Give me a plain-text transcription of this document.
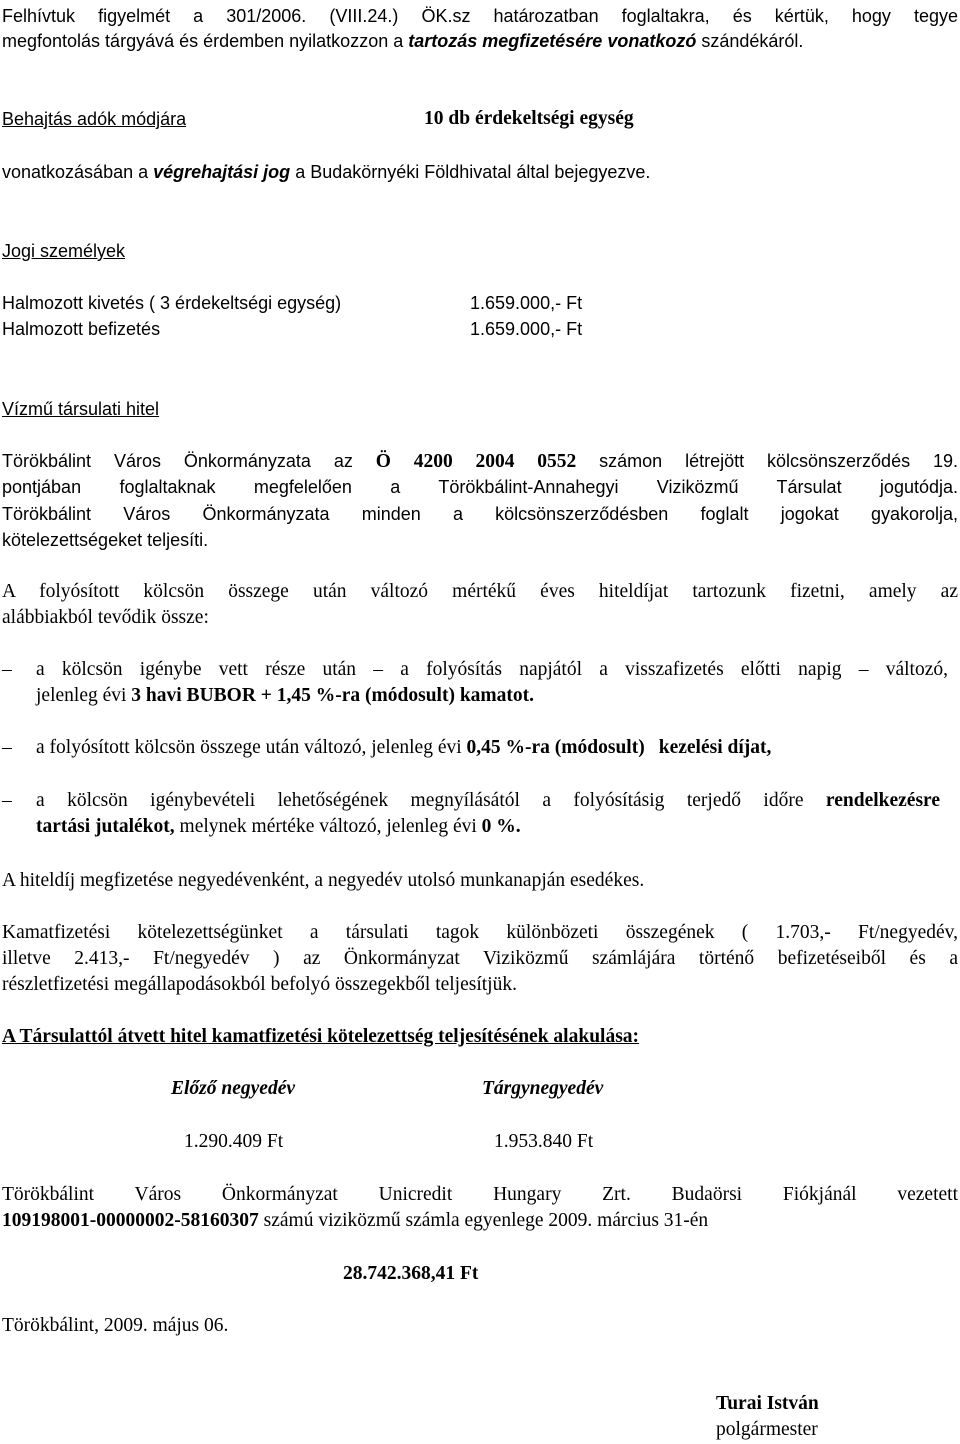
Felhívtuk figyelmét a 301/2006. (VIII.24.) ÖK.sz határozatban foglaltakra, és kértük, hogy tegye
megfontolás tárgyává és érdemben nyilatkozzon a tartozás megfizetésére vonatkozó szándékáról.
Behajtás adók módjára	10 db érdekeltségi egység
vonatkozásában a végrehajtási jog a Budakörnyéki Földhivatal által bejegyezve.
Jogi személyek
Halmozott kivetés ( 3 érdekeltségi egység)	1.659.000,- Ft
Halmozott befizetés	1.659.000,- Ft
Vízmű társulati hitel
Törökbálint Város Önkormányzata az Ö 4200 2004 0552 számon létrejött kölcsönszerződés 19.
pontjában foglaltaknak megfelelően a Törökbálint-Annahegyi Viziközmű Társulat jogutódja.
Törökbálint Város Önkormányzata minden a kölcsönszerződésben foglalt jogokat gyakorolja,
kötelezettségeket teljesíti.
A folyósított kölcsön összege után változó mértékű éves hiteldíjat tartozunk fizetni, amely az
alábbiakból tevődik össze:
– a kölcsön igénybe vett része után – a folyósítás napjától a visszafizetés előtti napig – változó,
jelenleg évi 3 havi BUBOR + 1,45 %-ra (módosult) kamatot.
– a folyósított kölcsön összege után változó, jelenleg évi 0,45 %-ra (módosult) kezelési díjat,
– a kölcsön igénybevételi lehetőségének megnyílásától a folyósításig terjedő időre rendelkezésre
tartási jutalékot, melynek mértéke változó, jelenleg évi 0 %.
A hiteldíj megfizetése negyedévenként, a negyedév utolsó munkanapján esedékes.
Kamatfizetési kötelezettségünket a társulati tagok különbözeti összegének ( 1.703,- Ft/negyedév,
illetve 2.413,- Ft/negyedév ) az Önkormányzat Viziközmű számlájára történő befizetéseiből és a
részletfizetési megállapodásokból befolyó összegekből teljesítjük.
A Társulattól átvett hitel kamatfizetési kötelezettség teljesítésének alakulása:
Előző negyedév	Tárgynegyedév
1.290.409 Ft	1.953.840 Ft
Törökbálint Város Önkormányzat Unicredit Hungary Zrt. Budaörsi Fiókjánál vezetett
109198001-00000002-58160307 számú viziközmű számla egyenlege 2009. március 31-én
28.742.368,41 Ft
Törökbálint, 2009. május 06.
Turai István
polgármester
